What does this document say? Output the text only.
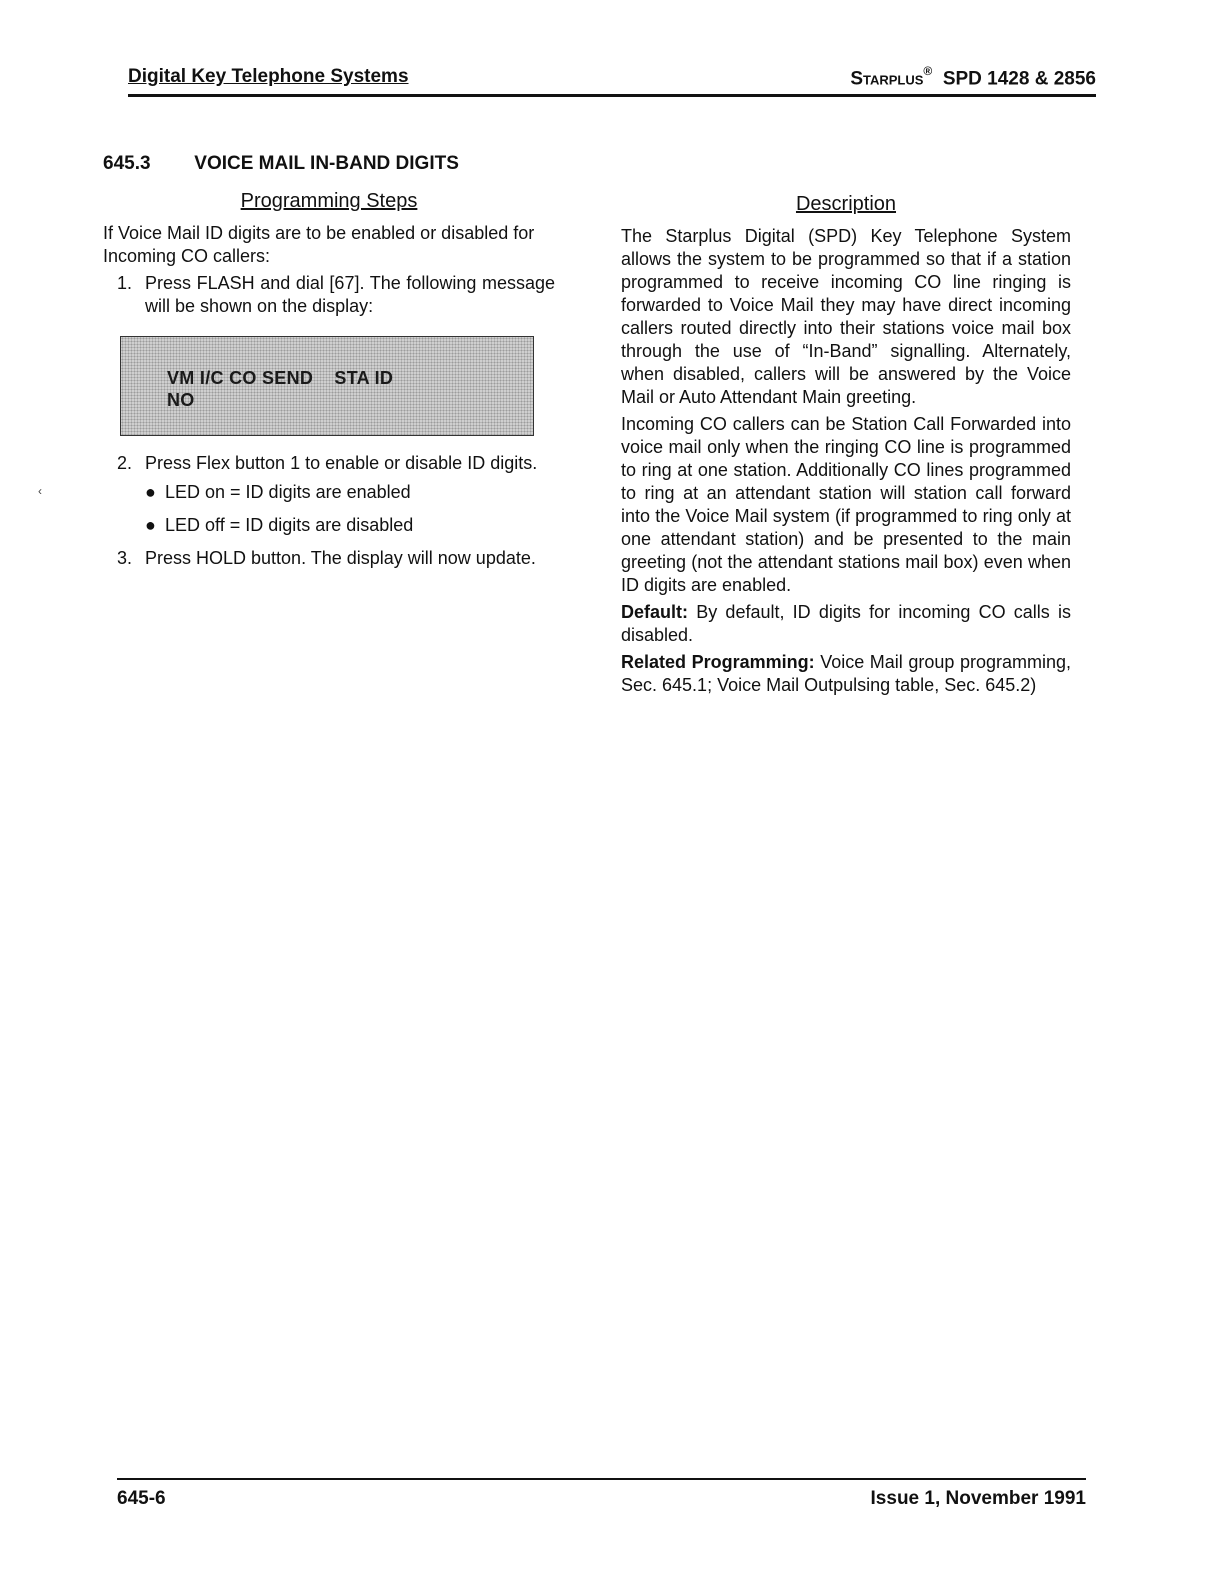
Digital Key Telephone Systems	Starplus® SPD 1428 & 2856
645.3 VOICE MAIL IN-BAND DIGITS
Programming Steps

If Voice Mail ID digits are to be enabled or disabled for Incoming CO callers:

1. Press FLASH and dial [67]. The following message will be shown on the display:
VM I/C CO SEND    STA ID
NO
2. Press Flex button 1 to enable or disable ID digits.
● LED on = ID digits are enabled
● LED off = ID digits are disabled
3. Press HOLD button. The display will now update.
Description

The Starplus Digital (SPD) Key Telephone System allows the system to be programmed so that if a station programmed to receive incoming CO line ringing is forwarded to Voice Mail they may have direct incoming callers routed directly into their stations voice mail box through the use of “In-Band” signalling. Alternately, when disabled, callers will be answered by the Voice Mail or Auto Attendant Main greeting.

Incoming CO callers can be Station Call Forwarded into voice mail only when the ringing CO line is programmed to ring at one station. Additionally CO lines programmed to ring at an attendant station will station call forward into the Voice Mail system (if programmed to ring only at one attendant station) and be presented to the main greeting (not the attendant stations mail box) even when ID digits are enabled.

Default: By default, ID digits for incoming CO calls is disabled.

Related Programming: Voice Mail group programming, Sec. 645.1; Voice Mail Outpulsing table, Sec. 645.2)

‹
645-6	Issue 1, November 1991
